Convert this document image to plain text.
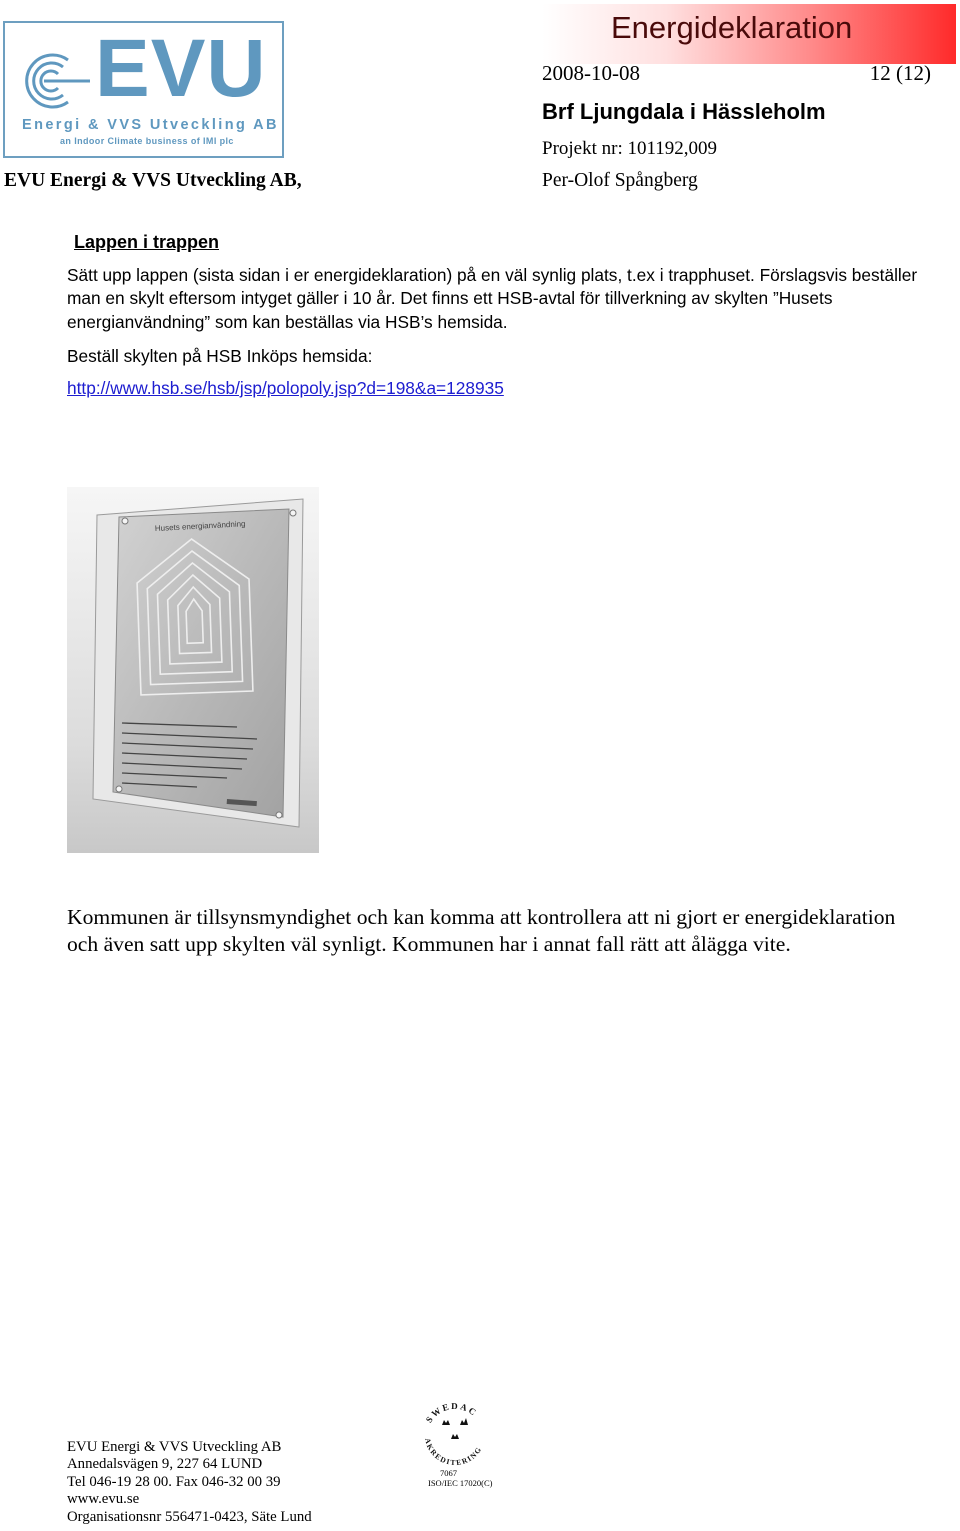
EVU
Energi & VVS Utveckling AB
an Indoor Climate business of IMI plc
Energideklaration
2008-10-08	12 (12)
Brf Ljungdala i Hässleholm
Projekt nr: 101192,009
EVU Energi & VVS Utveckling AB,	Per-Olof Spångberg
Lappen i trappen
Sätt upp lappen (sista sidan i er energideklaration) på en väl synlig plats, t.ex i trapphuset. Förslagsvis beställer man en skylt eftersom intyget gäller i 10 år. Det finns ett HSB-avtal för tillverkning av skylten ”Husets energianvändning” som kan beställas via HSB’s hemsida.
Beställ skylten på HSB Inköps hemsida:
http://www.hsb.se/hsb/jsp/polopoly.jsp?d=198&a=128935
Husets energianvändning
Kommunen är tillsynsmyndighet och kan komma att kontrollera att ni gjort er energideklaration och även satt upp skylten väl synligt. Kommunen har i annat fall rätt att ålägga vite.
EVU Energi & VVS Utveckling AB
Annedalsvägen 9, 227 64 LUND
Tel 046-19 28 00. Fax 046-32 00 39
www.evu.se
Organisationsnr 556471-0423, Säte Lund
SWEDAC
AKREDITERING
7067
ISO/IEC 17020(C)
